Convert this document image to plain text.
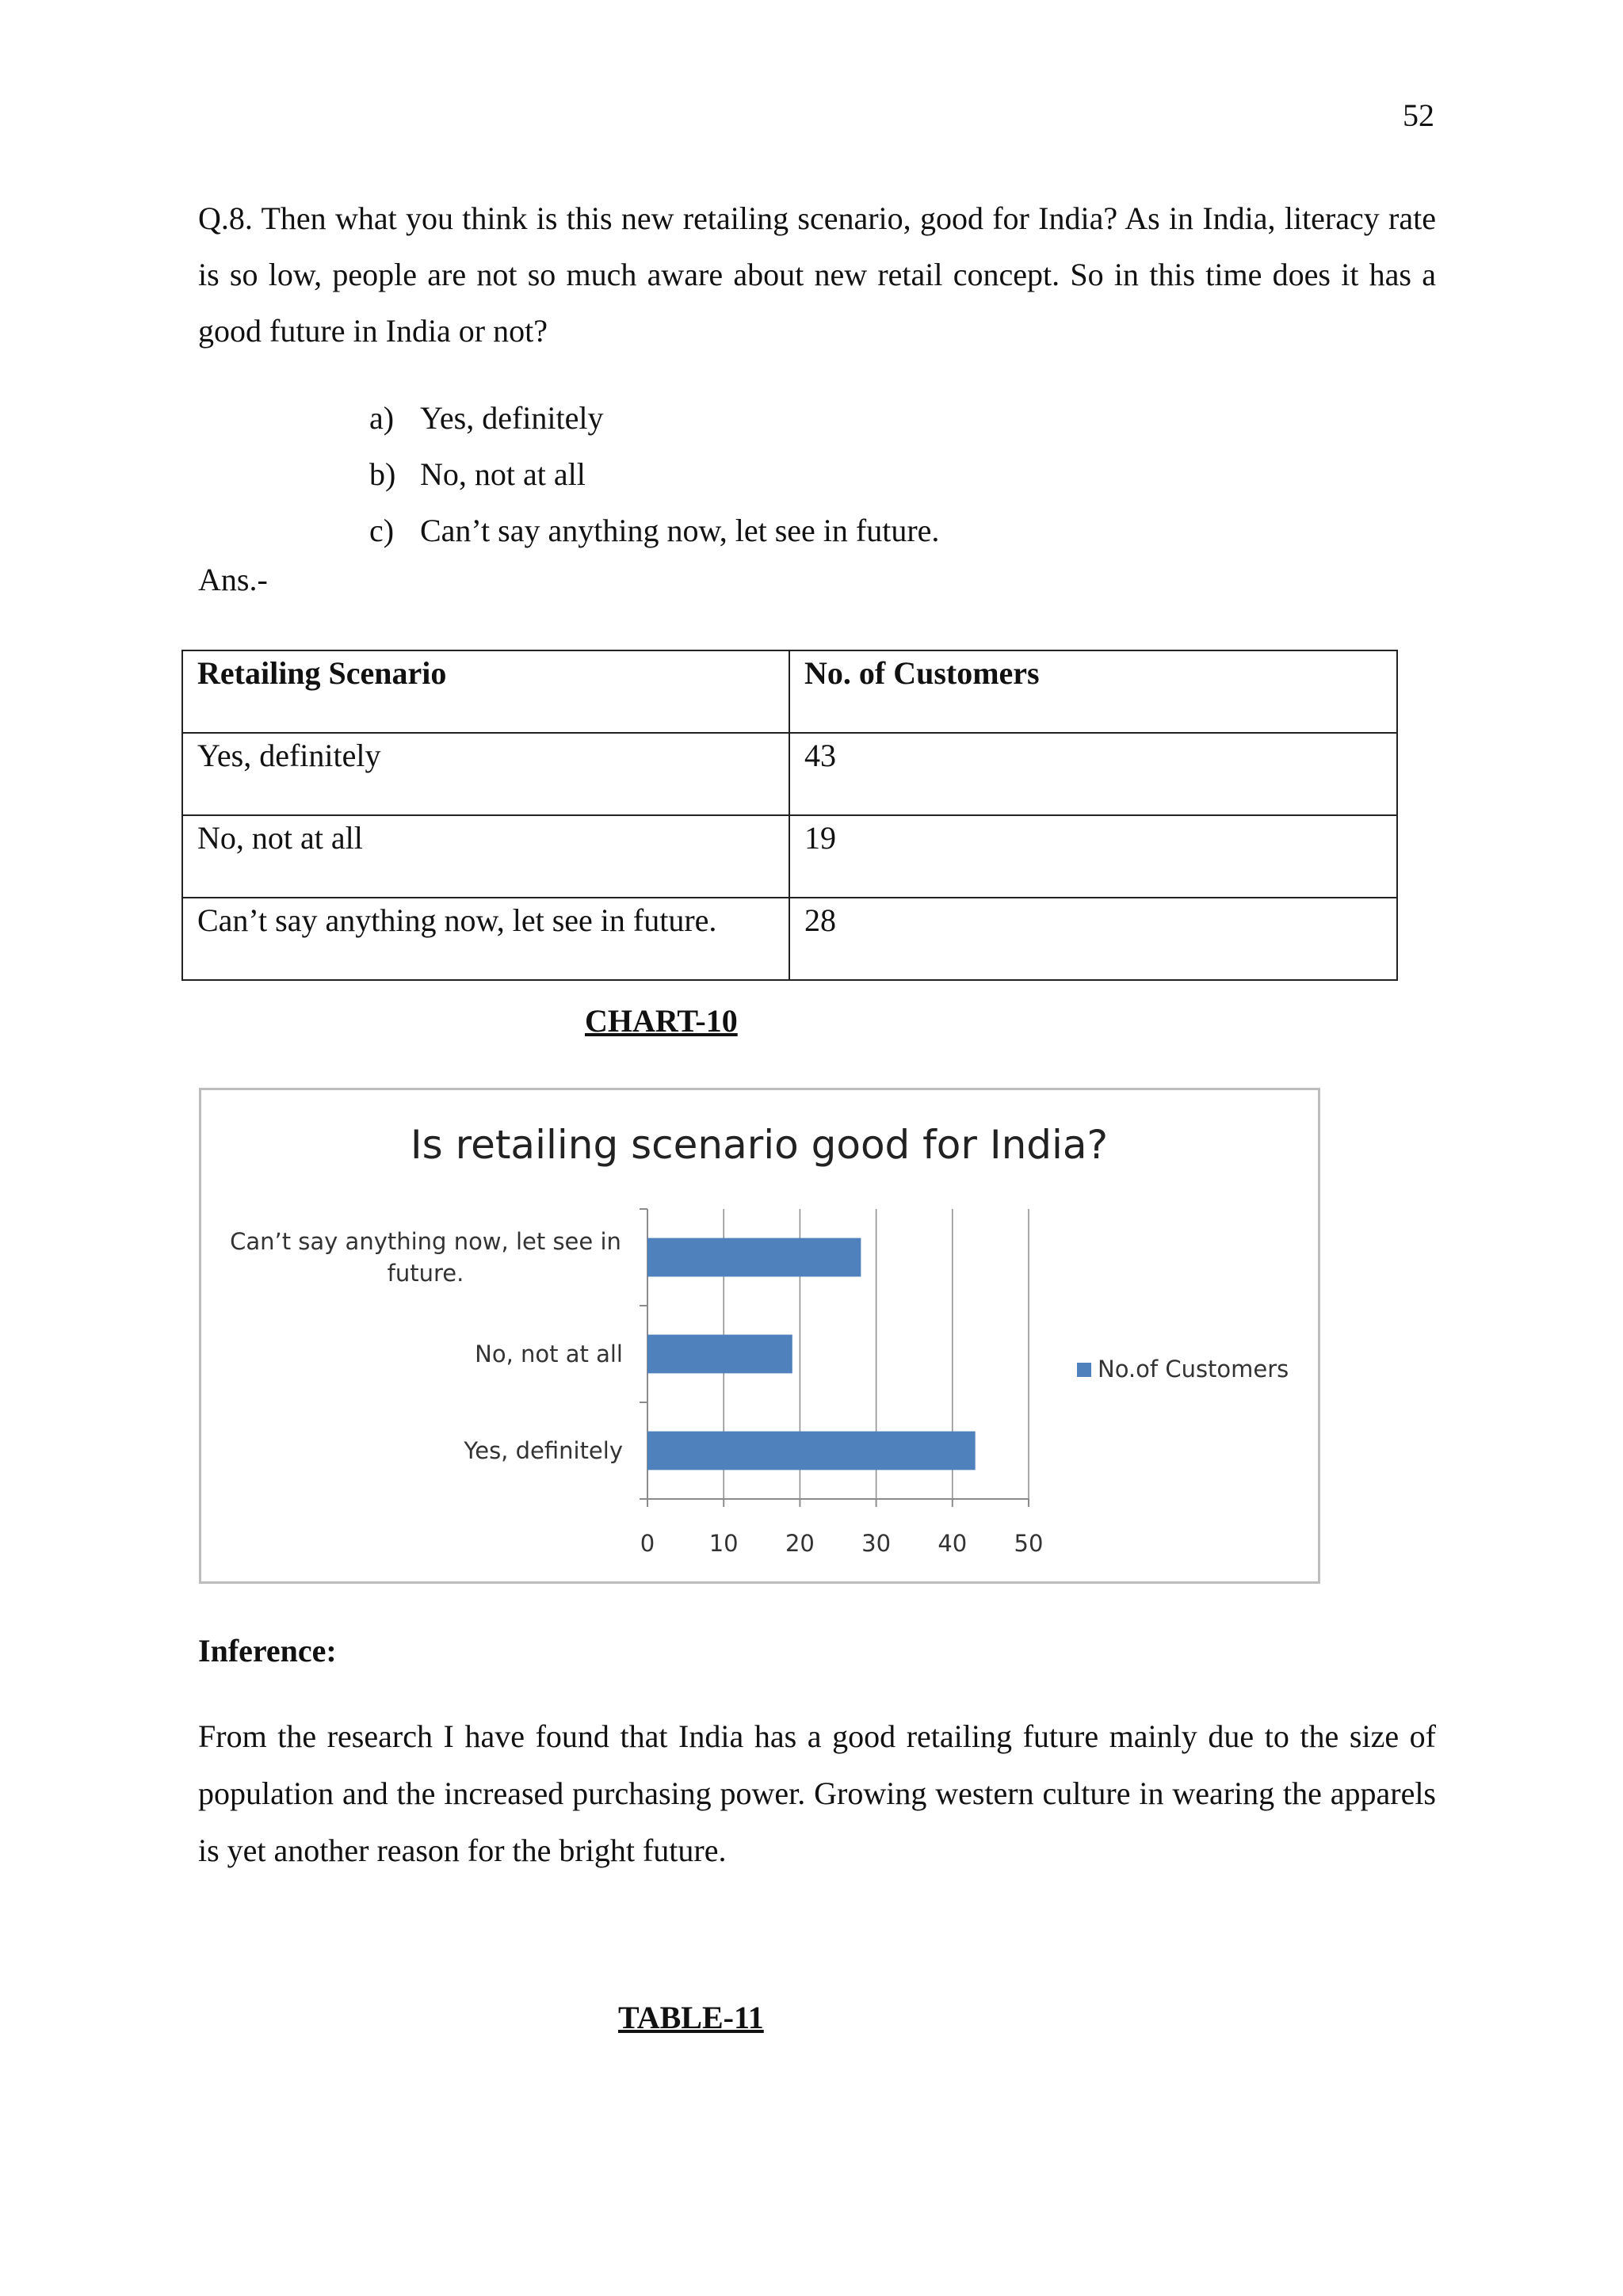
52

Q.8. Then what you think is this new retailing scenario, good for India? As in India, literacy rate is so low, people are not so much aware about new retail concept. So in this time does it has a good future in India or not?

a) Yes, definitely
b) No, not at all
c) Can’t say anything now, let see in future.
Ans.-
Retailing Scenario	No. of Customers
Yes, definitely	43
No, not at all	19
Can’t say anything now, let see in future.	28
CHART-10
Is retailing scenario good for India?
0 10 20 30 40 50
Can’t say anything now, let see in future.
No, not at all
Yes, definitely
No.of Customers
Inference:

From the research I have found that India has a good retailing future mainly due to the size of population and the increased purchasing power. Growing western culture in wearing the apparels is yet another reason for the bright future.

TABLE-11
